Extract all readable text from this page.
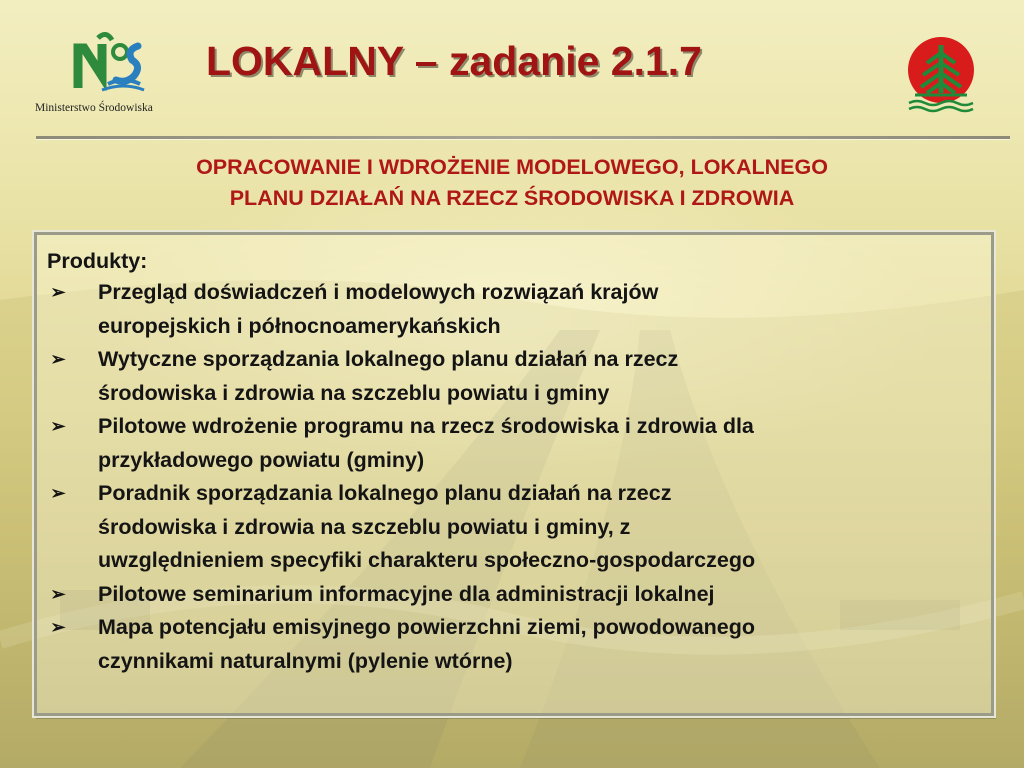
Ministerstwo Środowiska
LOKALNY – zadanie 2.1.7
OPRACOWANIE I WDROŻENIE MODELOWEGO, LOKALNEGO
PLANU DZIAŁAŃ NA RZECZ ŚRODOWISKA I ZDROWIA

Produkty:

➢ Przegląd doświadczeń i modelowych rozwiązań krajów
europejskich i północnoamerykańskich
➢ Wytyczne sporządzania lokalnego planu działań na rzecz
środowiska i zdrowia na szczeblu powiatu i gminy
➢ Pilotowe wdrożenie programu na rzecz środowiska i zdrowia dla
przykładowego powiatu (gminy)
➢ Poradnik sporządzania lokalnego planu działań na rzecz
środowiska i zdrowia na szczeblu powiatu i gminy, z
uwzględnieniem specyfiki charakteru społeczno-gospodarczego
➢ Pilotowe seminarium informacyjne dla administracji lokalnej
➢ Mapa potencjału emisyjnego powierzchni ziemi, powodowanego
czynnikami naturalnymi (pylenie wtórne)
